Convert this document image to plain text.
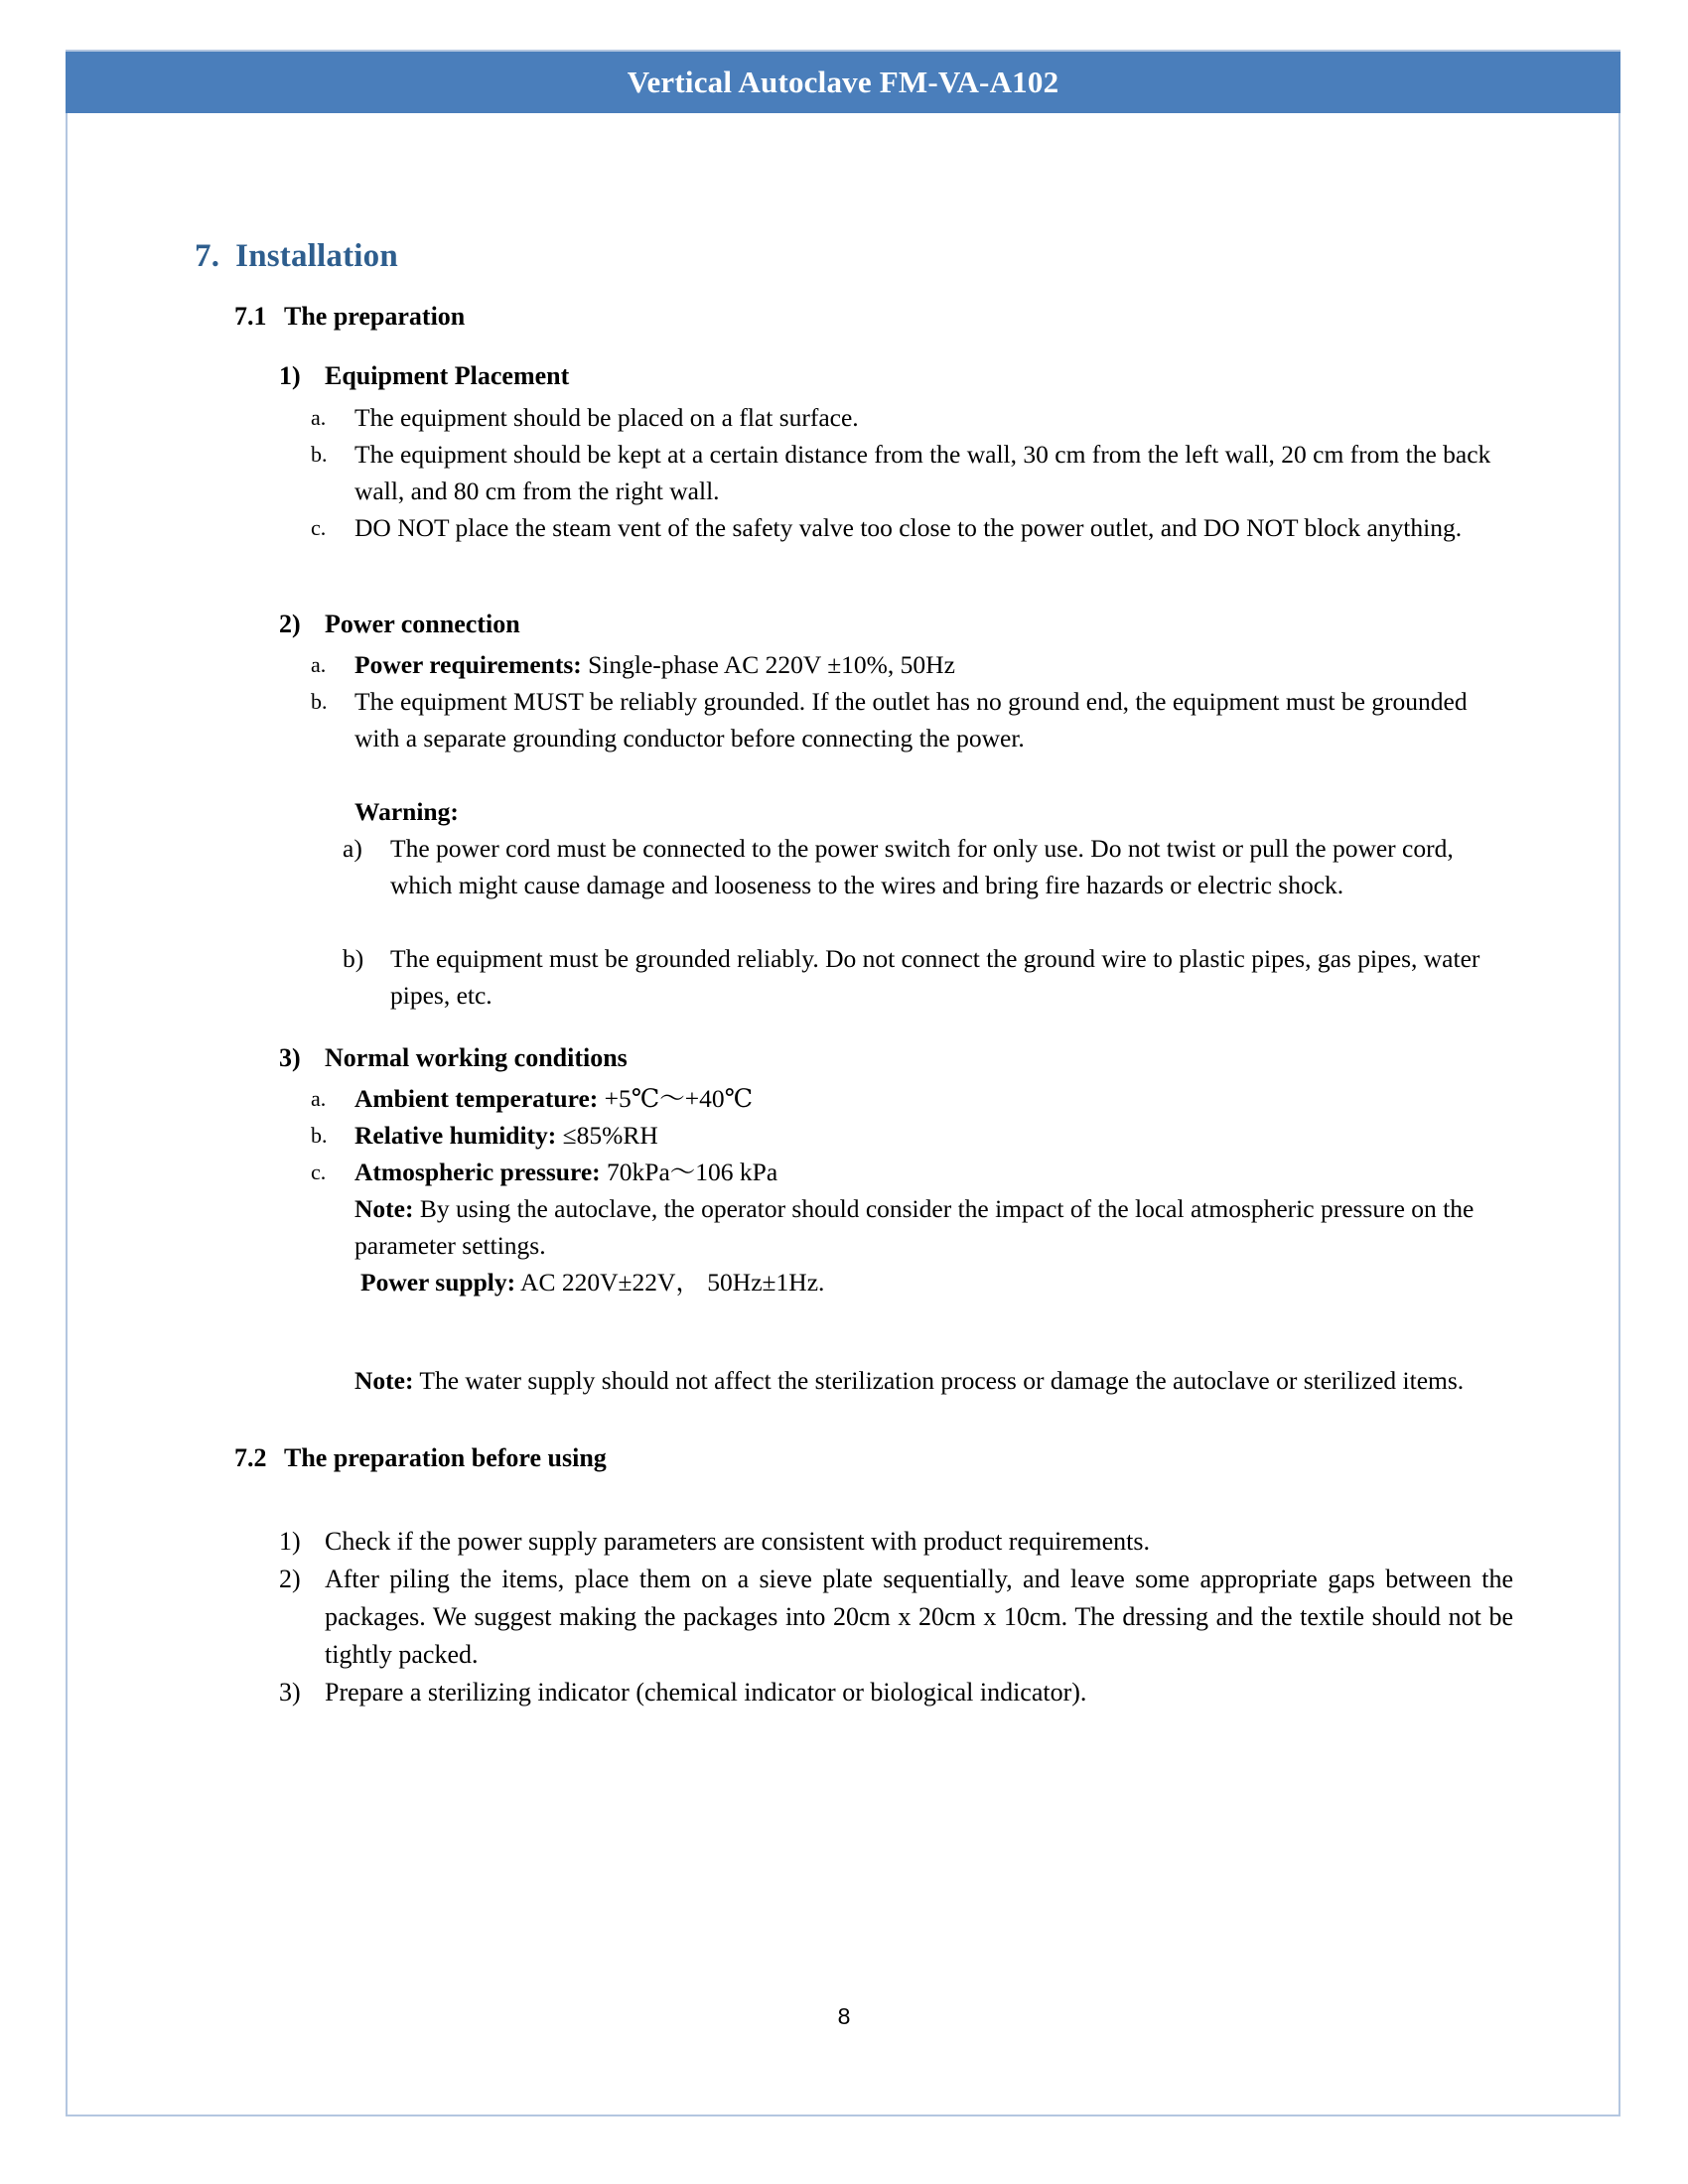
Vertical Autoclave FM-VA-A102
7. Installation
7.1 The preparation
1) Equipment Placement
a.	The equipment should be placed on a flat surface.
b.	The equipment should be kept at a certain distance from the wall, 30 cm from the left wall, 20 cm from the back wall, and 80 cm from the right wall.
c.	DO NOT place the steam vent of the safety valve too close to the power outlet, and DO NOT block anything.
2) Power connection
a.	Power requirements: Single-phase AC 220V ±10%, 50Hz
b.	The equipment MUST be reliably grounded. If the outlet has no ground end, the equipment must be grounded with a separate grounding conductor before connecting the power.
Warning:
a)	The power cord must be connected to the power switch for only use. Do not twist or pull the power cord, which might cause damage and looseness to the wires and bring fire hazards or electric shock.
b)	The equipment must be grounded reliably. Do not connect the ground wire to plastic pipes, gas pipes, water pipes, etc.
3) Normal working conditions
a.	Ambient temperature: +5℃～+40℃
b.	Relative humidity: ≤85%RH
c.	Atmospheric pressure: 70kPa～106 kPa
Note: By using the autoclave, the operator should consider the impact of the local atmospheric pressure on the parameter settings.
Power supply: AC 220V±22V， 50Hz±1Hz.
Note: The water supply should not affect the sterilization process or damage the autoclave or sterilized items.
7.2 The preparation before using
1) Check if the power supply parameters are consistent with product requirements.
2) After piling the items, place them on a sieve plate sequentially, and leave some appropriate gaps between the packages. We suggest making the packages into 20cm x 20cm x 10cm. The dressing and the textile should not be tightly packed.
3) Prepare a sterilizing indicator (chemical indicator or biological indicator).
8
